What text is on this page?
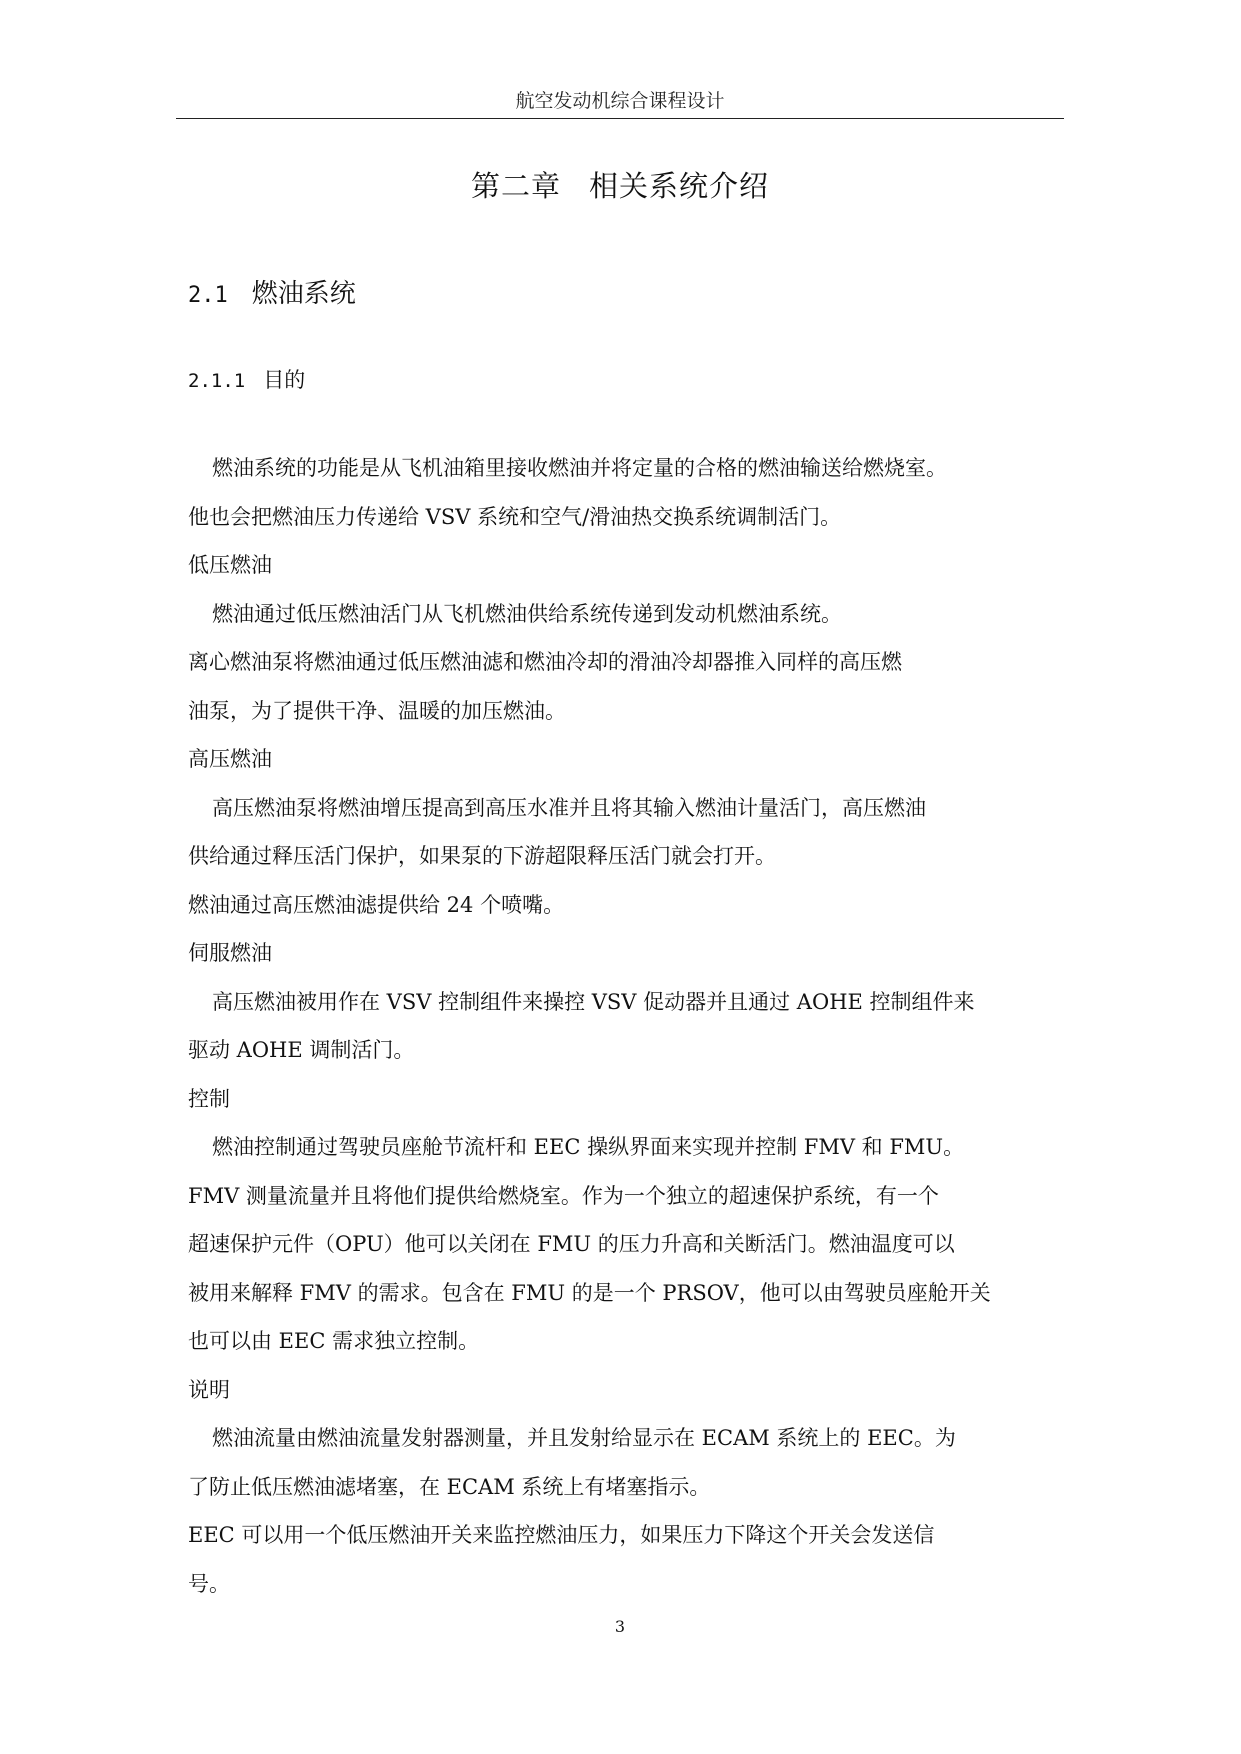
航空发动机综合课程设计
第二章 相关系统介绍
2.1 燃油系统
2.1.1 目的
燃油系统的功能是从飞机油箱里接收燃油并将定量的合格的燃油输送给燃烧室。
他也会把燃油压力传递给 VSV 系统和空气/滑油热交换系统调制活门。
低压燃油
燃油通过低压燃油活门从飞机燃油供给系统传递到发动机燃油系统。
离心燃油泵将燃油通过低压燃油滤和燃油冷却的滑油冷却器推入同样的高压燃
油泵，为了提供干净、温暖的加压燃油。
高压燃油
高压燃油泵将燃油增压提高到高压水准并且将其输入燃油计量活门，高压燃油
供给通过释压活门保护，如果泵的下游超限释压活门就会打开。
燃油通过高压燃油滤提供给 24 个喷嘴。
伺服燃油
高压燃油被用作在 VSV 控制组件来操控 VSV 促动器并且通过 AOHE 控制组件来
驱动 AOHE 调制活门。
控制
燃油控制通过驾驶员座舱节流杆和 EEC 操纵界面来实现并控制 FMV 和 FMU。
FMV 测量流量并且将他们提供给燃烧室。作为一个独立的超速保护系统，有一个
超速保护元件（OPU）他可以关闭在 FMU 的压力升高和关断活门。燃油温度可以
被用来解释 FMV 的需求。包含在 FMU 的是一个 PRSOV，他可以由驾驶员座舱开关
也可以由 EEC 需求独立控制。
说明
燃油流量由燃油流量发射器测量，并且发射给显示在 ECAM 系统上的 EEC。为
了防止低压燃油滤堵塞，在 ECAM 系统上有堵塞指示。
EEC 可以用一个低压燃油开关来监控燃油压力，如果压力下降这个开关会发送信
号。
3
